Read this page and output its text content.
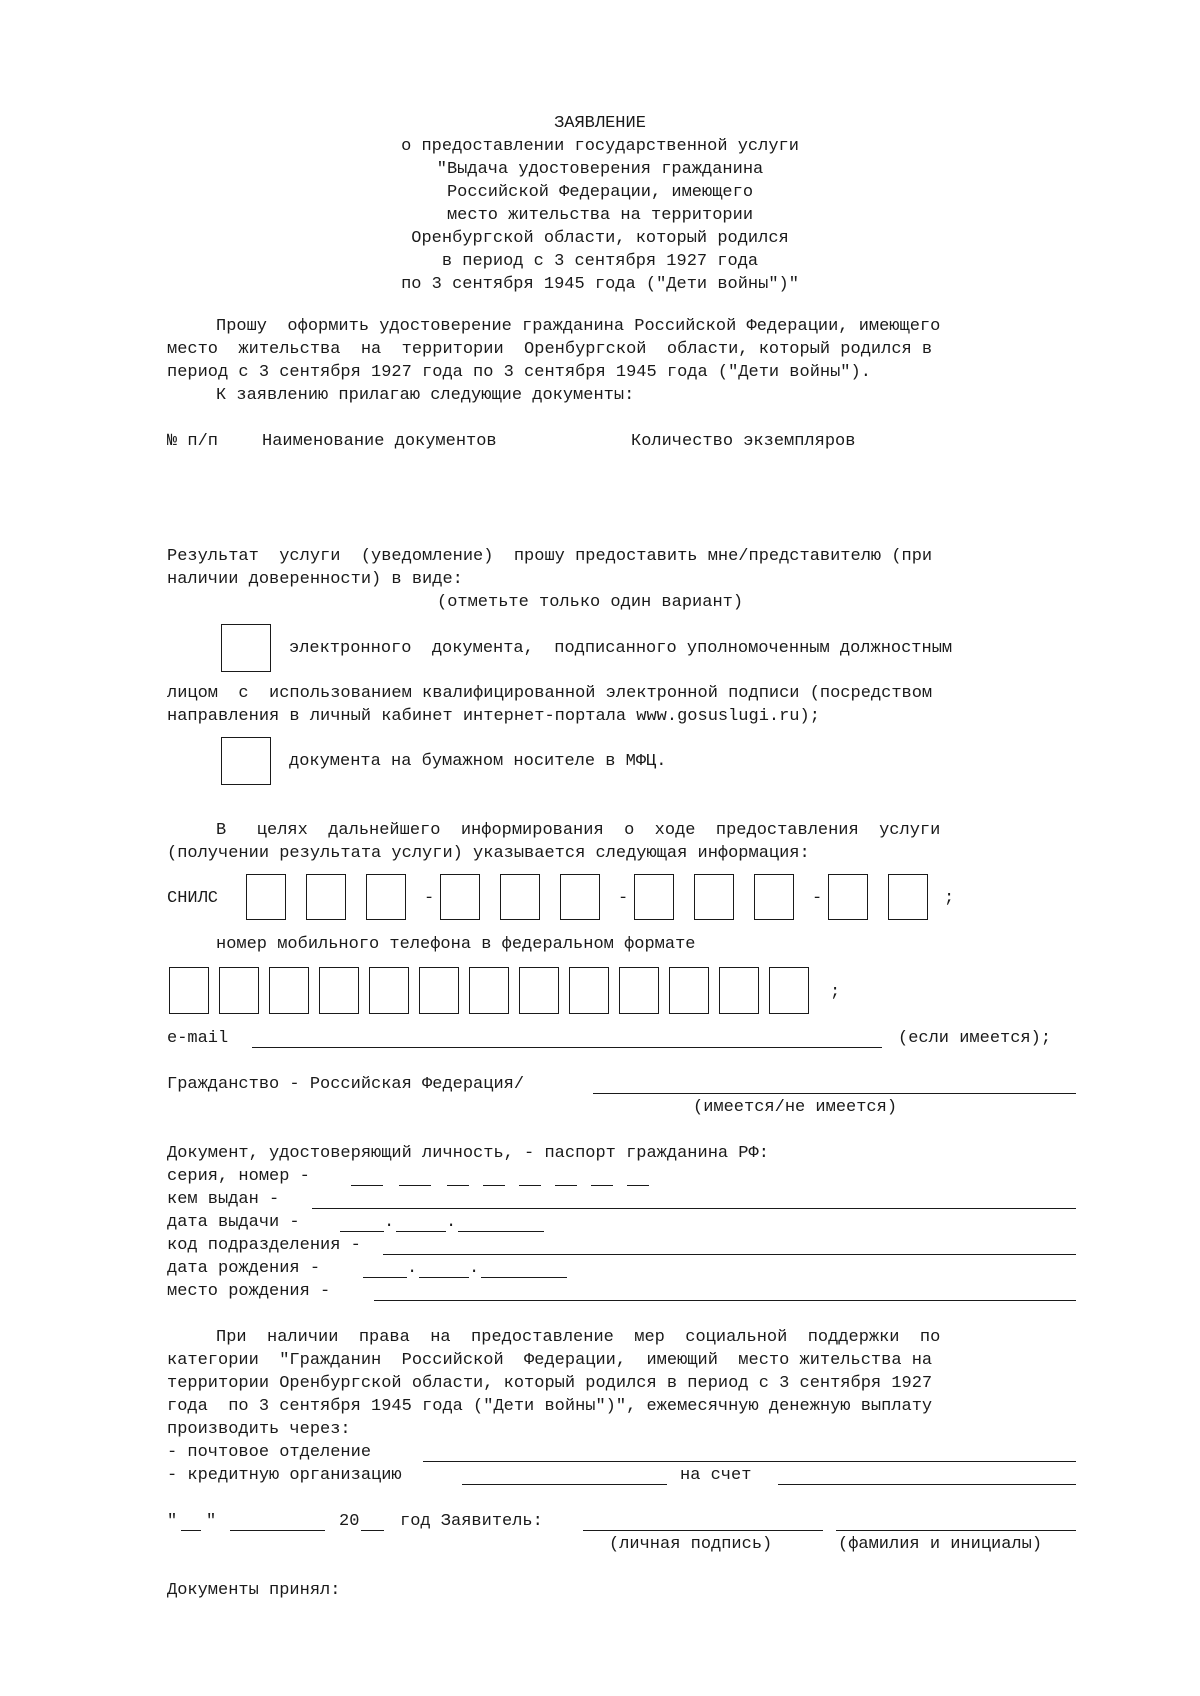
ЗАЯВЛЕНИЕ
о предоставлении государственной услуги
"Выдача удостоверения гражданина
Российской Федерации, имеющего
место жительства на территории
Оренбургской области, который родился
в период с 3 сентября 1927 года
по 3 сентября 1945 года ("Дети войны")"
Прошу  оформить удостоверение гражданина Российской Федерации, имеющего
место  жительства  на  территории  Оренбургской  области, который родился в
период с 3 сентября 1927 года по 3 сентября 1945 года ("Дети войны").
К заявлению прилагаю следующие документы:
№ п/п	Наименование документов	Количество экземпляров
Результат  услуги  (уведомление)  прошу предоставить мне/представителю (при
наличии доверенности) в виде:
(отметьте только один вариант)
электронного  документа,  подписанного уполномоченным должностным
лицом  с  использованием квалифицированной электронной подписи (посредством
направления в личный кабинет интернет-портала www.gosuslugi.ru);
документа на бумажном носителе в МФЦ.
В   целях  дальнейшего  информирования  о  ходе  предоставления  услуги
(получении результата услуги) указывается следующая информация:
СНИЛС	-	-	-	;
номер мобильного телефона в федеральном формате
;
e-mail	(если имеется);
Гражданство - Российская Федерация/
(имеется/не имеется)
Документ, удостоверяющий личность, - паспорт гражданина РФ:
серия, номер -
кем выдан -
дата выдачи -	.	.
код подразделения -
дата рождения -	.	.
место рождения -
При  наличии  права  на  предоставление  мер  социальной  поддержки  по
категории  "Гражданин  Российской  Федерации,  имеющий  место жительства на
территории Оренбургской области, который родился в период с 3 сентября 1927
года  по 3 сентября 1945 года ("Дети войны")", ежемесячную денежную выплату
производить через:
- почтовое отделение
- кредитную организацию	на счет
" "	20 год Заявитель:
(личная подпись)	(фамилия и инициалы)
Документы принял:
